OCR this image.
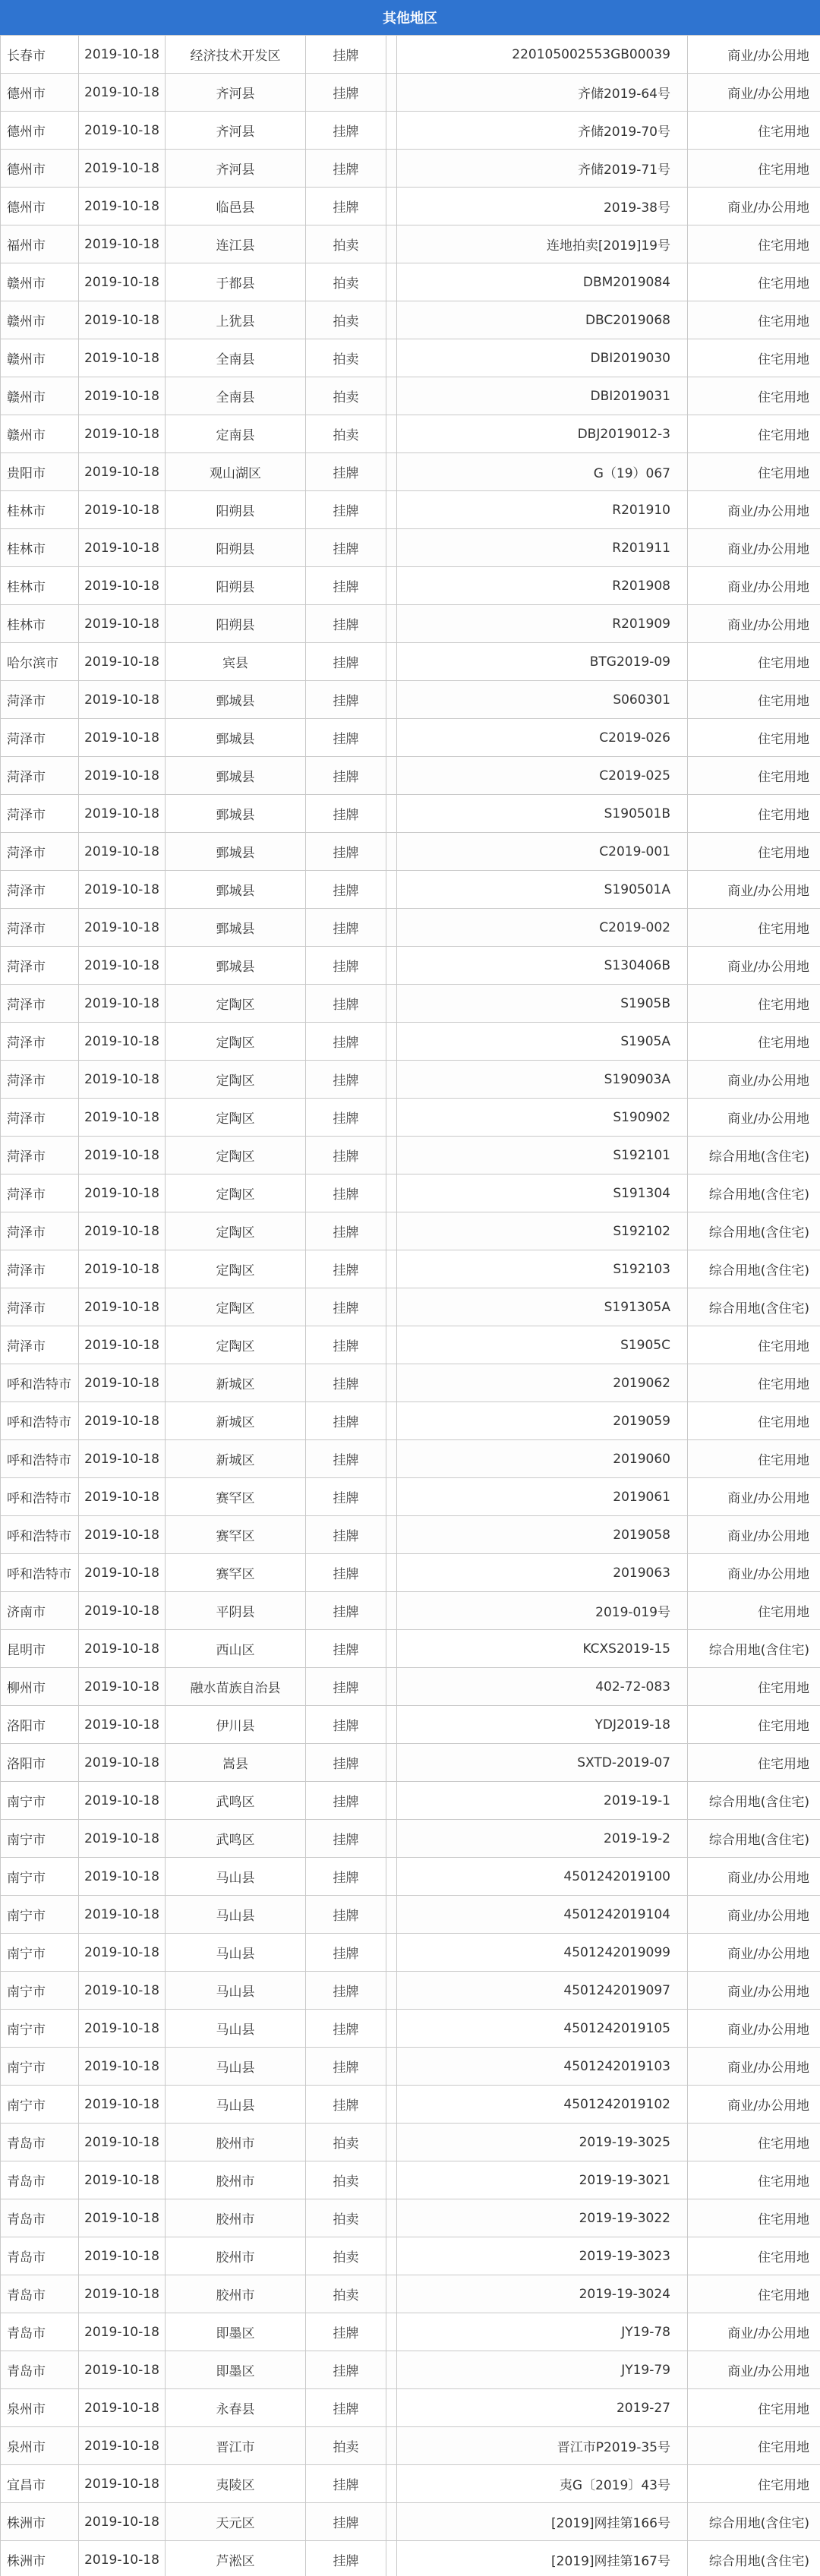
其他地区
长春市	2019-10-18	经济技术开发区	挂牌		220105002553GB00039	商业/办公用地
德州市	2019-10-18	齐河县	挂牌		齐储2019-64号	商业/办公用地
德州市	2019-10-18	齐河县	挂牌		齐储2019-70号	住宅用地
德州市	2019-10-18	齐河县	挂牌		齐储2019-71号	住宅用地
德州市	2019-10-18	临邑县	挂牌		2019-38号	商业/办公用地
福州市	2019-10-18	连江县	拍卖		连地拍卖[2019]19号	住宅用地
赣州市	2019-10-18	于都县	拍卖		DBM2019084	住宅用地
赣州市	2019-10-18	上犹县	拍卖		DBC2019068	住宅用地
赣州市	2019-10-18	全南县	拍卖		DBI2019030	住宅用地
赣州市	2019-10-18	全南县	拍卖		DBI2019031	住宅用地
赣州市	2019-10-18	定南县	拍卖		DBJ2019012-3	住宅用地
贵阳市	2019-10-18	观山湖区	挂牌		G（19）067	住宅用地
桂林市	2019-10-18	阳朔县	挂牌		R201910	商业/办公用地
桂林市	2019-10-18	阳朔县	挂牌		R201911	商业/办公用地
桂林市	2019-10-18	阳朔县	挂牌		R201908	商业/办公用地
桂林市	2019-10-18	阳朔县	挂牌		R201909	商业/办公用地
哈尔滨市	2019-10-18	宾县	挂牌		BTG2019-09	住宅用地
菏泽市	2019-10-18	鄄城县	挂牌		S060301	住宅用地
菏泽市	2019-10-18	鄄城县	挂牌		C2019-026	住宅用地
菏泽市	2019-10-18	鄄城县	挂牌		C2019-025	住宅用地
菏泽市	2019-10-18	鄄城县	挂牌		S190501B	住宅用地
菏泽市	2019-10-18	鄄城县	挂牌		C2019-001	住宅用地
菏泽市	2019-10-18	鄄城县	挂牌		S190501A	商业/办公用地
菏泽市	2019-10-18	鄄城县	挂牌		C2019-002	住宅用地
菏泽市	2019-10-18	鄄城县	挂牌		S130406B	商业/办公用地
菏泽市	2019-10-18	定陶区	挂牌		S1905B	住宅用地
菏泽市	2019-10-18	定陶区	挂牌		S1905A	住宅用地
菏泽市	2019-10-18	定陶区	挂牌		S190903A	商业/办公用地
菏泽市	2019-10-18	定陶区	挂牌		S190902	商业/办公用地
菏泽市	2019-10-18	定陶区	挂牌		S192101	综合用地(含住宅)
菏泽市	2019-10-18	定陶区	挂牌		S191304	综合用地(含住宅)
菏泽市	2019-10-18	定陶区	挂牌		S192102	综合用地(含住宅)
菏泽市	2019-10-18	定陶区	挂牌		S192103	综合用地(含住宅)
菏泽市	2019-10-18	定陶区	挂牌		S191305A	综合用地(含住宅)
菏泽市	2019-10-18	定陶区	挂牌		S1905C	住宅用地
呼和浩特市	2019-10-18	新城区	挂牌		2019062	住宅用地
呼和浩特市	2019-10-18	新城区	挂牌		2019059	住宅用地
呼和浩特市	2019-10-18	新城区	挂牌		2019060	住宅用地
呼和浩特市	2019-10-18	赛罕区	挂牌		2019061	商业/办公用地
呼和浩特市	2019-10-18	赛罕区	挂牌		2019058	商业/办公用地
呼和浩特市	2019-10-18	赛罕区	挂牌		2019063	商业/办公用地
济南市	2019-10-18	平阴县	挂牌		2019-019号	住宅用地
昆明市	2019-10-18	西山区	挂牌		KCXS2019-15	综合用地(含住宅)
柳州市	2019-10-18	融水苗族自治县	挂牌		402-72-083	住宅用地
洛阳市	2019-10-18	伊川县	挂牌		YDJ2019-18	住宅用地
洛阳市	2019-10-18	嵩县	挂牌		SXTD-2019-07	住宅用地
南宁市	2019-10-18	武鸣区	挂牌		2019-19-1	综合用地(含住宅)
南宁市	2019-10-18	武鸣区	挂牌		2019-19-2	综合用地(含住宅)
南宁市	2019-10-18	马山县	挂牌		4501242019100	商业/办公用地
南宁市	2019-10-18	马山县	挂牌		4501242019104	商业/办公用地
南宁市	2019-10-18	马山县	挂牌		4501242019099	商业/办公用地
南宁市	2019-10-18	马山县	挂牌		4501242019097	商业/办公用地
南宁市	2019-10-18	马山县	挂牌		4501242019105	商业/办公用地
南宁市	2019-10-18	马山县	挂牌		4501242019103	商业/办公用地
南宁市	2019-10-18	马山县	挂牌		4501242019102	商业/办公用地
青岛市	2019-10-18	胶州市	拍卖		2019-19-3025	住宅用地
青岛市	2019-10-18	胶州市	拍卖		2019-19-3021	住宅用地
青岛市	2019-10-18	胶州市	拍卖		2019-19-3022	住宅用地
青岛市	2019-10-18	胶州市	拍卖		2019-19-3023	住宅用地
青岛市	2019-10-18	胶州市	拍卖		2019-19-3024	住宅用地
青岛市	2019-10-18	即墨区	挂牌		JY19-78	商业/办公用地
青岛市	2019-10-18	即墨区	挂牌		JY19-79	商业/办公用地
泉州市	2019-10-18	永春县	挂牌		2019-27	住宅用地
泉州市	2019-10-18	晋江市	拍卖		晋江市P2019-35号	住宅用地
宜昌市	2019-10-18	夷陵区	挂牌		夷G〔2019〕43号	住宅用地
株洲市	2019-10-18	天元区	挂牌		[2019]网挂第166号	综合用地(含住宅)
株洲市	2019-10-18	芦淞区	挂牌		[2019]网挂第167号	综合用地(含住宅)
